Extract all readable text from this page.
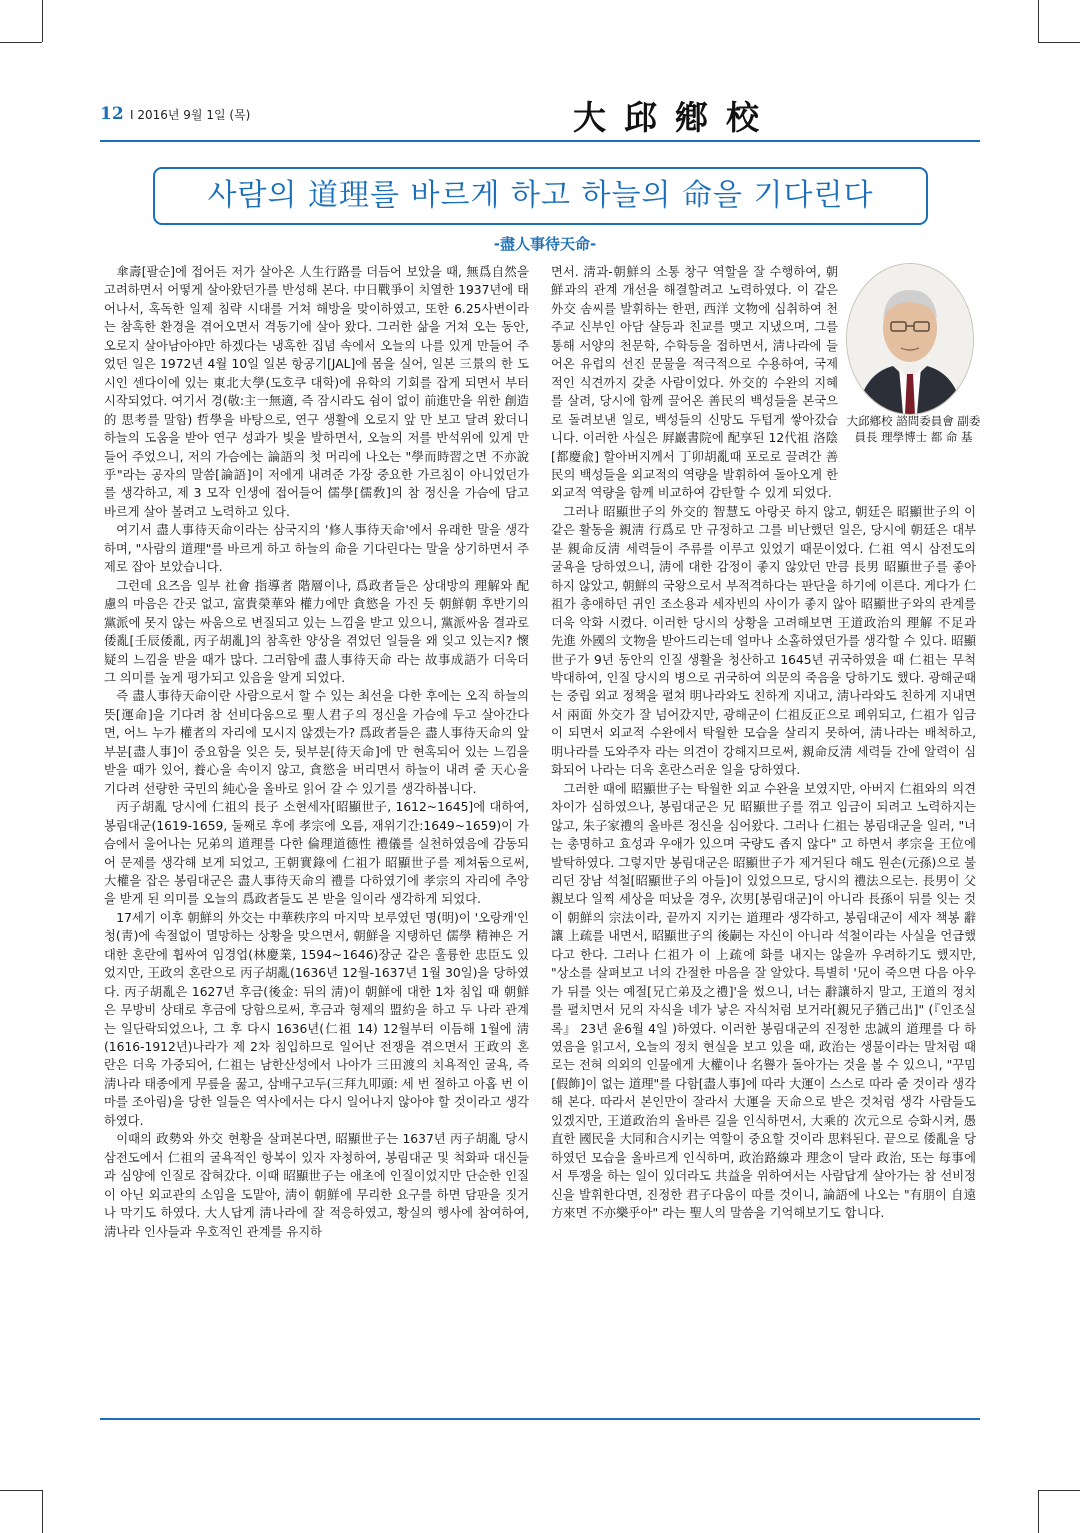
12 I 2016년 9월 1일 (목)	大邱鄕校
사람의 道理를 바르게 하고 하늘의 命을 기다린다
-盡人事待天命-

傘壽[팔순]에 접어든 저가 살아온 人生行路를 더듬어 보았을 때, 無爲自然을 고려하면서 어떻게 살아왔던가를 반성해 본다. 中日戰爭이 치열한 1937년에 태어나서, 혹독한 일제 침략 시대를 거쳐 해방을 맞이하였고, 또한 6.25사변이라는 참혹한 환경을 겪어오면서 격동기에 살아 왔다. 그러한 삶을 거쳐 오는 동안, 오로지 살아남아야만 하겠다는 냉혹한 집념 속에서 오늘의 나를 있게 만들어 주었던 일은 1972년 4월 10일 일본 항공기[JAL]에 몸을 실어, 일본 三景의 한 도시인 센다이에 있는 東北大學(도호쿠 대학)에 유학의 기회를 잡게 되면서 부터 시작되었다. 여기서 경(敬:主一無適, 즉 잠시라도 쉼이 없이 前進만을 위한 創造的 思考를 말함) 哲學을 바탕으로, 연구 생활에 오로지 앞 만 보고 달려 왔더니 하늘의 도움을 받아 연구 성과가 빛을 발하면서, 오늘의 저를 반석위에 있게 만들어 주었으니, 저의 가슴에는 論語의 첫 머리에 나오는 "學而時習之면 不亦說乎"라는 공자의 말씀[論語]이 저에게 내려준 가장 중요한 가르침이 아니었던가를 생각하고, 제 3 모작 인생에 접어들어 儒學[儒敎]의 참 정신을 가슴에 담고 바르게 살아 볼려고 노력하고 있다.

여기서 盡人事待天命이라는 삼국지의 '修人事待天命'에서 유래한 말을 생각하며, "사람의 道理"를 바르게 하고 하늘의 命을 기다린다는 말을 상기하면서 주제로 잡아 보았습니다.

그런데 요즈음 일부 社會 指導者 階層이나, 爲政者들은 상대방의 理解와 配慮의 마음은 간곳 없고, 富貴榮華와 權力에만 貪慾을 가진 듯 朝鮮朝 후반기의 黨派에 못지 않는 싸움으로 변질되고 있는 느낌을 받고 있으니, 黨派싸움 결과로 倭亂[壬辰倭亂, 丙子胡亂]의 참혹한 양상을 겪었던 일들을 왜 잊고 있는지? 懷疑의 느낌을 받을 때가 많다. 그러함에 盡人事待天命 라는 故事成語가 더욱더 그 의미를 높게 평가되고 있음을 알게 되었다.

즉 盡人事待天命이란 사람으로서 할 수 있는 최선을 다한 후에는 오직 하늘의 뜻[運命]을 기다려 참 선비다움으로 聖人君子의 정신을 가슴에 두고 살아간다면, 어느 누가 權者의 자리에 모시지 않겠는가? 爲政者들은 盡人事待天命의 앞부분[盡人事]이 중요함을 잊은 듯, 뒷부분[待天命]에 만 현혹되어 있는 느낌을 받을 때가 있어, 養心을 속이지 않고, 貪慾을 버리면서 하늘이 내려 줄 天心을 기다려 선량한 국민의 純心을 올바로 읽어 갈 수 있기를 생각하봅니다.

丙子胡亂 당시에 仁祖의 長子 소현세자[昭顯世子, 1612~1645]에 대하여, 봉림대군(1619-1659, 둘째로 후에 孝宗에 오름, 재위기간:1649~1659)이 가슴에서 울어나는 兄弟의 道理를 다한 倫理道德性 禮儀를 실천하였음에 감동되어 문제를 생각해 보게 되었고, 王朝實錄에 仁祖가 昭顯世子를 제쳐둠으로써, 大權을 잡은 봉림대군은 盡人事待天命의 禮를 다하였기에 孝宗의 자리에 추앙을 받게 된 의미를 오늘의 爲政者들도 본 받을 일이라 생각하게 되었다.

17세기 이후 朝鮮의 外交는 中華秩序의 마지막 보루였던 명(明)이 '오랑캐'인 청(靑)에 속절없이 멸망하는 상황을 맞으면서, 朝鮮을 지탱하던 儒學 精神은 거대한 혼란에 휩싸여 임경업(林慶業, 1594~1646)장군 같은 훌륭한 忠臣도 있었지만, 王政의 혼란으로 丙子胡亂(1636년 12월-1637년 1월 30일)을 당하였다. 丙子胡亂은 1627년 후금(後金: 뒤의 淸)이 朝鮮에 대한 1차 침입 때 朝鮮은 무방비 상태로 후금에 당함으로써, 후금과 형제의 盟約을 하고 두 나라 관계는 일단락되었으나, 그 후 다시 1636년(仁祖 14) 12월부터 이듬해 1월에 淸(1616-1912년)나라가 제 2차 침입하므로 일어난 전쟁을 겪으면서 王政의 혼란은 더욱 가중되어, 仁祖는 남한산성에서 나아가 三田渡의 치욕적인 굴욕, 즉 淸나라 태종에게 무릎을 꿇고, 삼배구고두(三拜九叩頭: 세 번 절하고 아홉 번 이마를 조아림)을 당한 일들은 역사에서는 다시 일어나지 않아야 할 것이라고 생각하였다.

이때의 政勢와 外交 현황을 살펴본다면, 昭顯世子는 1637년 丙子胡亂 당시 삼전도에서 仁祖의 굴욕적인 항복이 있자 자청하여, 봉림대군 및 척화파 대신들과 심양에 인질로 잡혀갔다. 이때 昭顯世子는 애초에 인질이었지만 단순한 인질이 아닌 외교관의 소임을 도맡아, 淸이 朝鮮에 무리한 요구를 하면 담판을 짓거나 막기도 하였다. 大人답게 淸나라에 잘 적응하였고, 황실의 행사에 참여하여, 淸나라 인사들과 우호적인 관계를 유지하

大邱鄕校 諮問委員會 副委
員長 理學博士 都 命 基

면서. 淸과-朝鮮의 소통 창구 역할을 잘 수행하여, 朝鮮과의 관계 개선을 해결할려고 노력하였다. 이 같은 外交 솜씨를 발휘하는 한편, 西洋 文物에 심취하여 천주교 신부인 아담 샬등과 친교를 맺고 지냈으며, 그를 통해 서양의 천문학, 수학등을 접하면서, 淸나라에 들어온 유럽의 선진 문물을 적극적으로 수용하여, 국제적인 식견까지 갖춘 사람이었다. 外交的 수완의 지혜를 살려, 당시에 함께 끌어온 善民의 백성들을 본국으로 돌려보낸 일로, 백성들의 신망도 두텁게 쌓아갔습니다. 이러한 사실은 屛巖書院에 配享된 12代祖 洛陰[都慶兪] 할아버지께서 丁卯胡亂때 포로로 끌려간 善民의 백성들을 외교적의 역량을 발휘하여 돌아오게 한 외교적 역량을 함께 비교하여 감탄할 수 있게 되었다.

그러나 昭顯世子의 外交的 智慧도 아랑곳 하지 않고, 朝廷은 昭顯世子의 이같은 활동을 親淸 行爲로 만 규정하고 그를 비난했던 일은, 당시에 朝廷은 대부분 親命反淸 세력들이 주류를 이루고 있었기 때문이었다. 仁祖 역시 삼전도의 굴욕을 당하였으니, 淸에 대한 감정이 좋지 않았던 만큼 長男 昭顯世子를 좋아하지 않았고, 朝鮮의 국왕으로서 부적격하다는 판단을 하기에 이른다. 게다가 仁祖가 총애하던 귀인 조소용과 세자빈의 사이가 좋지 않아 昭顯世子와의 관계를 더욱 악화 시켰다. 이러한 당시의 상황을 고려해보면 王道政治의 理解 不足과 先進 外國의 文物을 받아드리는데 얼마나 소홀하였던가를 생각할 수 있다. 昭顯世子가 9년 동안의 인질 생활을 청산하고 1645년 귀국하였을 때 仁祖는 무척 박대하여, 인질 당시의 병으로 귀국하여 의문의 죽음을 당하기도 했다. 광해군때는 중립 외교 정책을 펼쳐 明나라와도 친하게 지내고, 淸나라와도 친하게 지내면서 兩面 外交가 잘 넘어갔지만, 광해군이 仁祖反正으로 폐위되고, 仁祖가 임금이 되면서 외교적 수완에서 탁월한 모습을 살리지 못하여, 淸나라는 배척하고, 明나라를 도와주자 라는 의견이 강해지므로써, 親命反淸 세력들 간에 알력이 심화되어 나라는 더욱 혼란스러운 일을 당하였다.

그러한 때에 昭顯世子는 탁월한 외교 수완을 보였지만, 아버지 仁祖와의 의견 차이가 심하였으나, 봉림대군은 兄 昭顯世子를 꺾고 임금이 되려고 노력하지는 않고, 朱子家禮의 올바른 정신을 심어왔다. 그러나 仁祖는 봉림대군을 일러, "너는 총명하고 효성과 우애가 있으며 국량도 좁지 않다" 고 하면서 孝宗을 王位에 발탁하였다. 그렇지만 봉림대군은 昭顯世子가 제거된다 해도 원손(元孫)으로 불리던 장남 석철[昭顯世子의 아들]이 있었으므로, 당시의 禮法으로는. 長男이 父親보다 일찍 세상을 떠났을 경우, 次男[봉림대군]이 아니라 長孫이 뒤를 잇는 것이 朝鮮의 宗法이라, 끝까지 지키는 道理라 생각하고, 봉림대군이 세자 책봉 辭讓 上疏를 내면서, 昭顯世子의 後嗣는 자신이 아니라 석철이라는 사실을 언급했다고 한다. 그러나 仁祖가 이 上疏에 화를 내지는 않을까 우려하기도 했지만, "상소를 살펴보고 너의 간절한 마음을 잘 알았다. 특별히 '兄이 죽으면 다음 아우가 뒤를 잇는 예절[兄亡弟及之禮]'을 썼으니, 너는 辭讓하지 말고, 王道의 정치를 펼치면서 兄의 자식을 네가 낳은 자식처럼 보거라[親兄子猶己出]" (『인조실록』 23년 윤6월 4일 )하였다. 이러한 봉림대군의 진정한 忠誠의 道理를 다 하였음을 읽고서, 오늘의 정치 현실을 보고 있을 때, 政治는 생물이라는 말처럼 때로는 전혀 의외의 인물에게 大權이나 名譽가 돌아가는 것을 볼 수 있으니, "꾸밈[假飾]이 없는 道理"를 다함[盡人事]에 따라 大運이 스스로 따라 줄 것이라 생각해 본다. 따라서 본인만이 잘라서 大運을 天命으로 받은 것처럼 생각 사람들도 있겠지만, 王道政治의 올바른 길을 인식하면서, 大乘的 次元으로 승화시켜, 愚直한 國民을 大同和合시키는 역할이 중요할 것이라 思料된다. 끝으로 倭亂을 당하였던 모습을 올바르게 인식하며, 政治路線과 理念이 달라 政治, 또는 每事에서 투쟁을 하는 일이 있더라도 共益을 위하여서는 사람답게 살아가는 참 선비정신을 발휘한다면, 진정한 君子다움이 따를 것이니, 論語에 나오는 "有朋이 自遠方來면 不亦樂乎아" 라는 聖人의 말씀을 기억해보기도 합니다.
